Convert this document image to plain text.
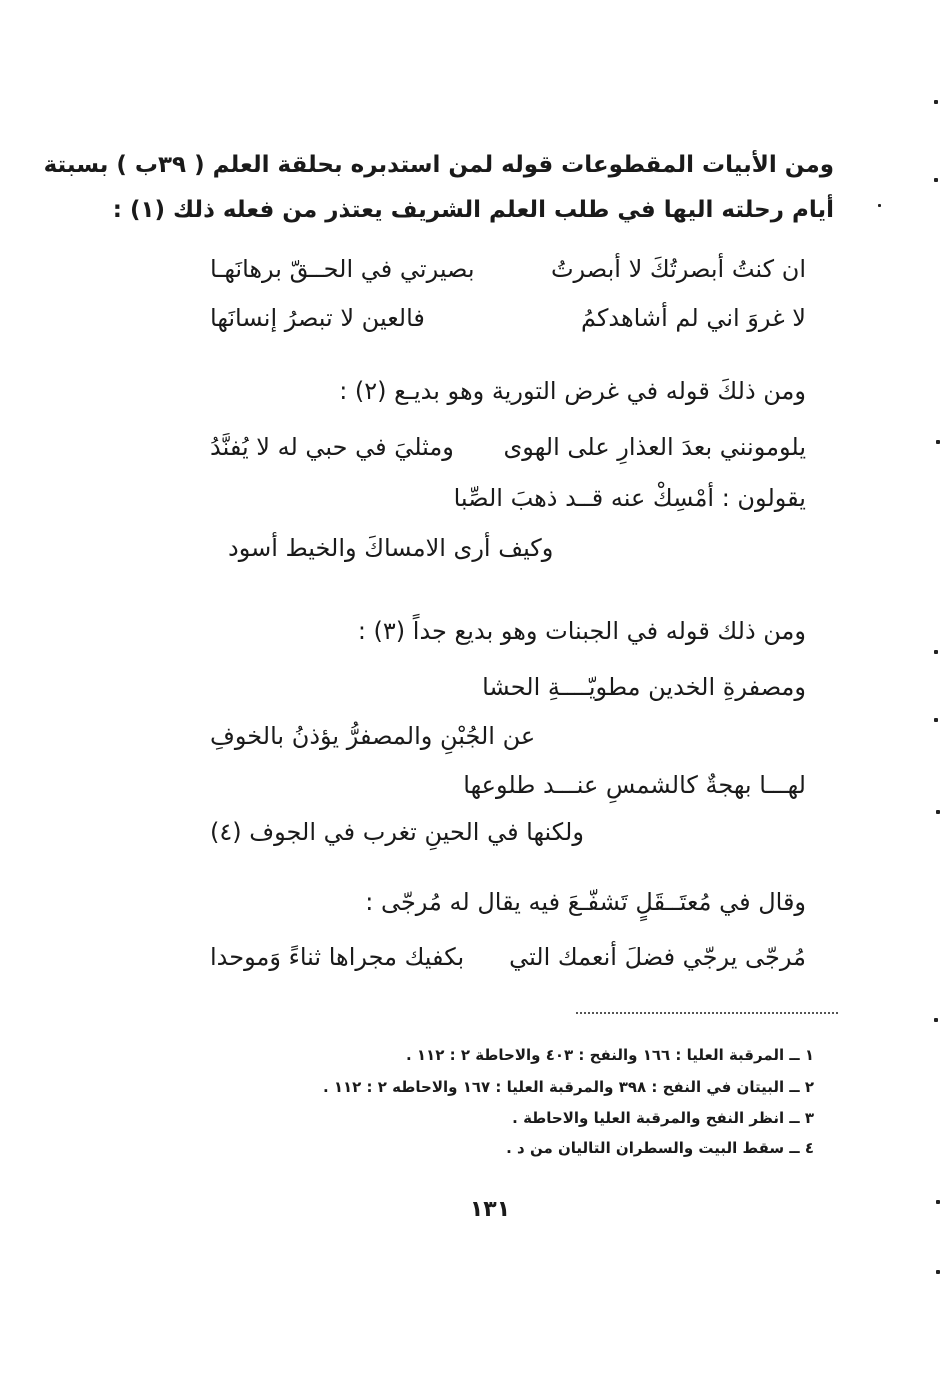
ومن الأبيات المقطوعات قوله لمن استدبره بحلقة العلم ( ٣٩ب ) بسبتة
أيام رحلته اليها في طلب العلم الشريف يعتذر من فعله ذلك (١) :
ان كنتُ أبصرتُكَ لا أبصرتُ
بصيرتي في الحــقّ برهانَهـا
لا غروَ اني لم أشاهدكمُ
فالعين لا تبصرُ إنسانَها
ومن ذلكَ قوله في غرض التورية وهو بديـع (٢) :
يلومونني بعدَ العذارِ على الهوى
ومثليَ في حبي له لا يُفنَّدُ
يقولون : أمْسِكْ عنه قــد ذهبَ الصِّبا
وكيف أرى الامساكَ والخيط أسود
ومن ذلك قوله في الجبنات وهو بديع جداً (٣) :
ومصفرةِ الخدين مطويّــــةِ الحشا
عن الجُبْنِ والمصفرُّ يؤذنُ بالخوفِ
لهـــا بهجةٌ كالشمسِ عنـــد طلوعها
ولكنها في الحينِ تغرب في الجوف (٤)
وقال في مُعتَــقَلٍ تَشفّـعَ فيه يقال له مُرجّى :
مُرجّى يرجّي فضلَ أنعمك التي
بكفيك مجراها ثناءً وَموحدا
١ ــ المرقبة العليا : ١٦٦ والنفح : ٤٠٣ والاحاطة ٢ : ١١٢ .
٢ ــ البيتان في النفح : ٣٩٨ والمرقبة العليا : ١٦٧ والاحاطه ٢ : ١١٢ .
٣ ــ انظر النفح والمرقبة العليا والاحاطة .
٤ ــ سقط البيت والسطران التاليان من د .
١٣١
